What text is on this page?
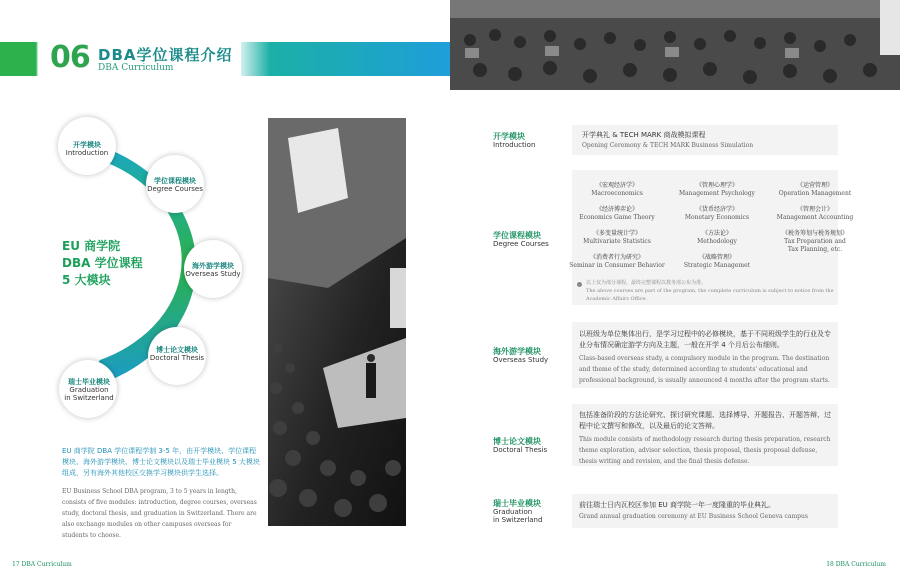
06 DBA学位课程介绍
DBA Curriculum
开学模块
Introduction
学位课程模块
Degree Courses
海外游学模块
Overseas Study
博士论文模块
Doctoral Thesis
瑞士毕业模块
Graduation
in Switzerland
EU 商学院
DBA 学位课程
5 大模块
EU 商学院 DBA 学位课程学制 3-5 年，由开学模块、学位课程模块、海外游学模块、博士论文模块以及瑞士毕业模块 5 大模块组成，另有海外其他校区交换学习模块供学生选择。
EU Business School DBA program, 3 to 5 years in length, consists of five modules: introduction, degree courses, overseas study, doctoral thesis, and graduation in Switzerland. There are also exchange modules on other campuses overseas for students to choose.
开学模块
Introduction
开学典礼 & TECH MARK 商战模拟课程
Opening Ceremony & TECH MARK Business Simulation
学位课程模块
Degree Courses
《宏观经济学》
Macroeconomics
《管理心理学》
Management Psychology
《运营管理》
Operation Management
《经济博弈论》
Economics Game Theory
《货币经济学》
Monetary Economics
《管理会计》
Management Accounting
《多变量统计学》
Multivariate Statistics
《方法论》
Methodology
《税务筹划与税务规划》
Tax Preparation and Tax Planning, etc.
《消费者行为研究》
Seminar in Consumer Behavior
《战略管理》
Strategic Managemet
以上仅为部分课程，最终完整课程以教务部公布为准。
The above courses are part of the program, the complete curriculum is subject to notice from the Academic Affairs Office.
海外游学模块
Overseas Study
以班级为单位集体出行，是学习过程中的必修模块，基于不同班级学生的行业及专业分布情况确定游学方向及主题，一般在开学 4 个月后公布细则。
Class-based overseas study, a compulsory module in the program. The destination and theme of the study, determined according to students' educational and professional background, is usually announced 4 months after the program starts.
博士论文模块
Doctoral Thesis
包括准备阶段的方法论研究、探讨研究课题、选择博导、开题报告、开题答辩、过程中论文撰写和修改，以及最后的论文答辩。
This module consists of methodology research during thesis preparation, research theme exploration, advisor selection, thesis proposal, thesis proposal defense, thesis writing and revision, and the final thesis defense.
瑞士毕业模块
Graduation
in Switzerland
前往瑞士日内瓦校区参加 EU 商学院一年一度隆重的毕业典礼。
Grand annual graduation ceremony at EU Business School Geneva campus
17 DBA Curriculum	18 DBA Curriculum
